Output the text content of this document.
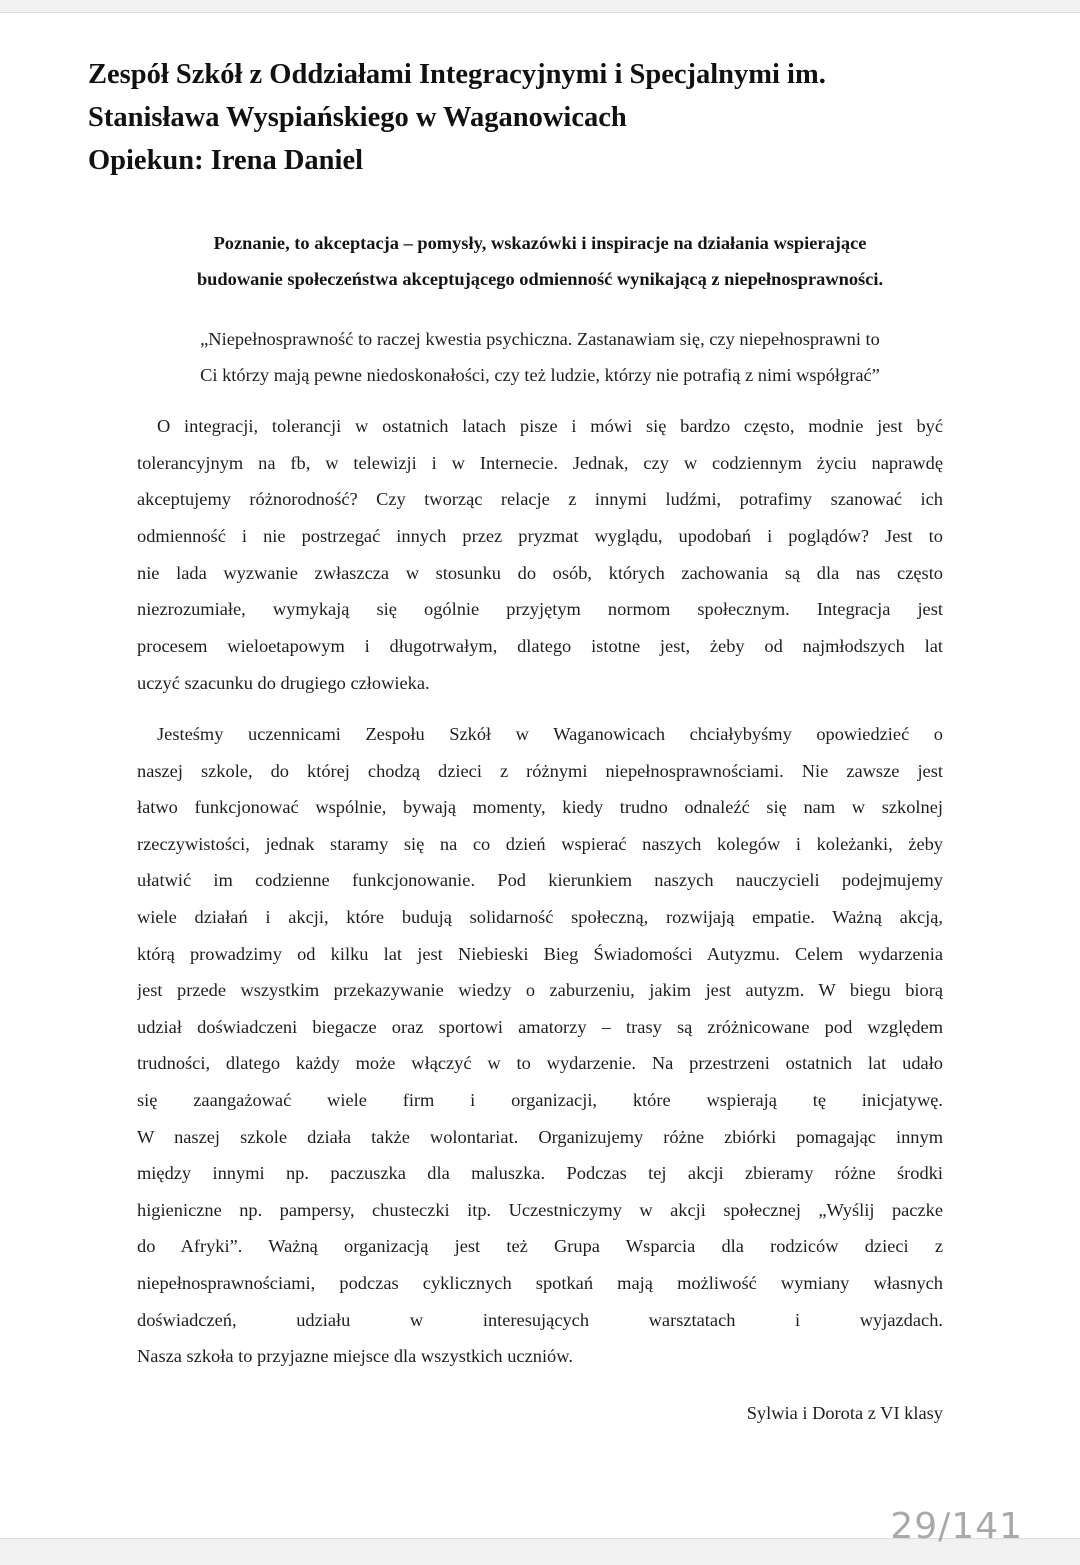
Zespół Szkół z Oddziałami Integracyjnymi i Specjalnymi im.
Stanisława Wyspiańskiego w Waganowicach
Opiekun: Irena Daniel
Poznanie, to akceptacja – pomysły, wskazówki i inspiracje na działania wspierające
budowanie społeczeństwa akceptującego odmienność wynikającą z niepełnosprawności.
„Niepełnosprawność to raczej kwestia psychiczna. Zastanawiam się, czy niepełnosprawni to
Ci którzy mają pewne niedoskonałości, czy też ludzie, którzy nie potrafią z nimi współgrać”
O integracji, tolerancji w ostatnich latach pisze i mówi się bardzo często, modnie jest być
tolerancyjnym na fb, w telewizji i w Internecie. Jednak, czy w codziennym życiu naprawdę
akceptujemy różnorodność? Czy tworząc relacje z innymi ludźmi, potrafimy szanować ich
odmienność i nie postrzegać innych przez pryzmat wyglądu, upodobań i poglądów? Jest to
nie lada wyzwanie zwłaszcza w stosunku do osób, których zachowania są dla nas często
niezrozumiałe, wymykają się ogólnie przyjętym normom społecznym. Integracja jest
procesem wieloetapowym i długotrwałym, dlatego istotne jest, żeby od najmłodszych lat
uczyć szacunku do drugiego człowieka.
Jesteśmy uczennicami Zespołu Szkół w Waganowicach chciałybyśmy opowiedzieć o
naszej szkole, do której chodzą dzieci z różnymi niepełnosprawnościami. Nie zawsze jest
łatwo funkcjonować wspólnie, bywają momenty, kiedy trudno odnaleźć się nam w szkolnej
rzeczywistości, jednak staramy się na co dzień wspierać naszych kolegów i koleżanki, żeby
ułatwić im codzienne funkcjonowanie. Pod kierunkiem naszych nauczycieli podejmujemy
wiele działań i akcji, które budują solidarność społeczną, rozwijają empatie. Ważną akcją,
którą prowadzimy od kilku lat jest Niebieski Bieg Świadomości Autyzmu. Celem wydarzenia
jest przede wszystkim przekazywanie wiedzy o zaburzeniu, jakim jest autyzm. W biegu biorą
udział doświadczeni biegacze oraz sportowi amatorzy – trasy są zróżnicowane pod względem
trudności, dlatego każdy może włączyć w to wydarzenie. Na przestrzeni ostatnich lat udało
się zaangażować wiele firm i organizacji, które wspierają tę inicjatywę.
W naszej szkole działa także wolontariat. Organizujemy różne zbiórki pomagając innym
między innymi np. paczuszka dla maluszka. Podczas tej akcji zbieramy różne środki
higieniczne np. pampersy, chusteczki itp. Uczestniczymy w akcji społecznej „Wyślij paczke
do Afryki”. Ważną organizacją jest też Grupa Wsparcia dla rodziców dzieci z
niepełnosprawnościami, podczas cyklicznych spotkań mają możliwość wymiany własnych
doświadczeń, udziału w interesujących warsztatach i wyjazdach.
Nasza szkoła to przyjazne miejsce dla wszystkich uczniów.
Sylwia i Dorota z VI klasy
29/141
